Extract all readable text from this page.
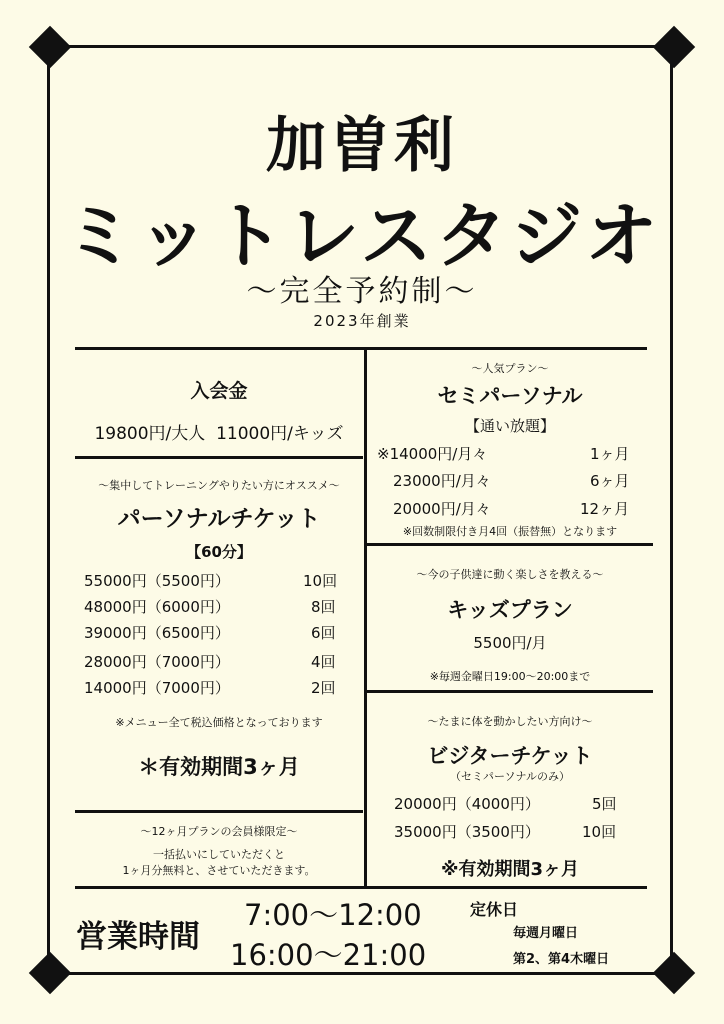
加曽利
ミットレスタジオ
～完全予約制～
2023年創業
入会金
19800円/大人  11000円/キッズ
～集中してトレーニングやりたい方にオススメ～
パーソナルチケット
【60分】
55000円（5500円）	10回
48000円（6000円）	8回
39000円（6500円）	6回
28000円（7000円）	4回
14000円（7000円）	2回
※メニュー全て税込価格となっております
＊有効期間3ヶ月
～12ヶ月プランの会員様限定～
一括払いにしていただくと
1ヶ月分無料と、させていただきます。
～人気プラン～
セミパーソナル
【通い放題】
※14000円/月々	1ヶ月
23000円/月々	6ヶ月
20000円/月々	12ヶ月
※回数制限付き月4回（振替無）となります
～今の子供達に動く楽しさを教える～
キッズプラン
5500円/月
※毎週金曜日19:00～20:00まで
～たまに体を動かしたい方向け～
ビジターチケット
（セミパーソナルのみ）
20000円（4000円）	5回
35000円（3500円）	10回
※有効期間3ヶ月
営業時間
7:00～12:00
16:00～21:00
定休日
毎週月曜日
第2、第4木曜日
